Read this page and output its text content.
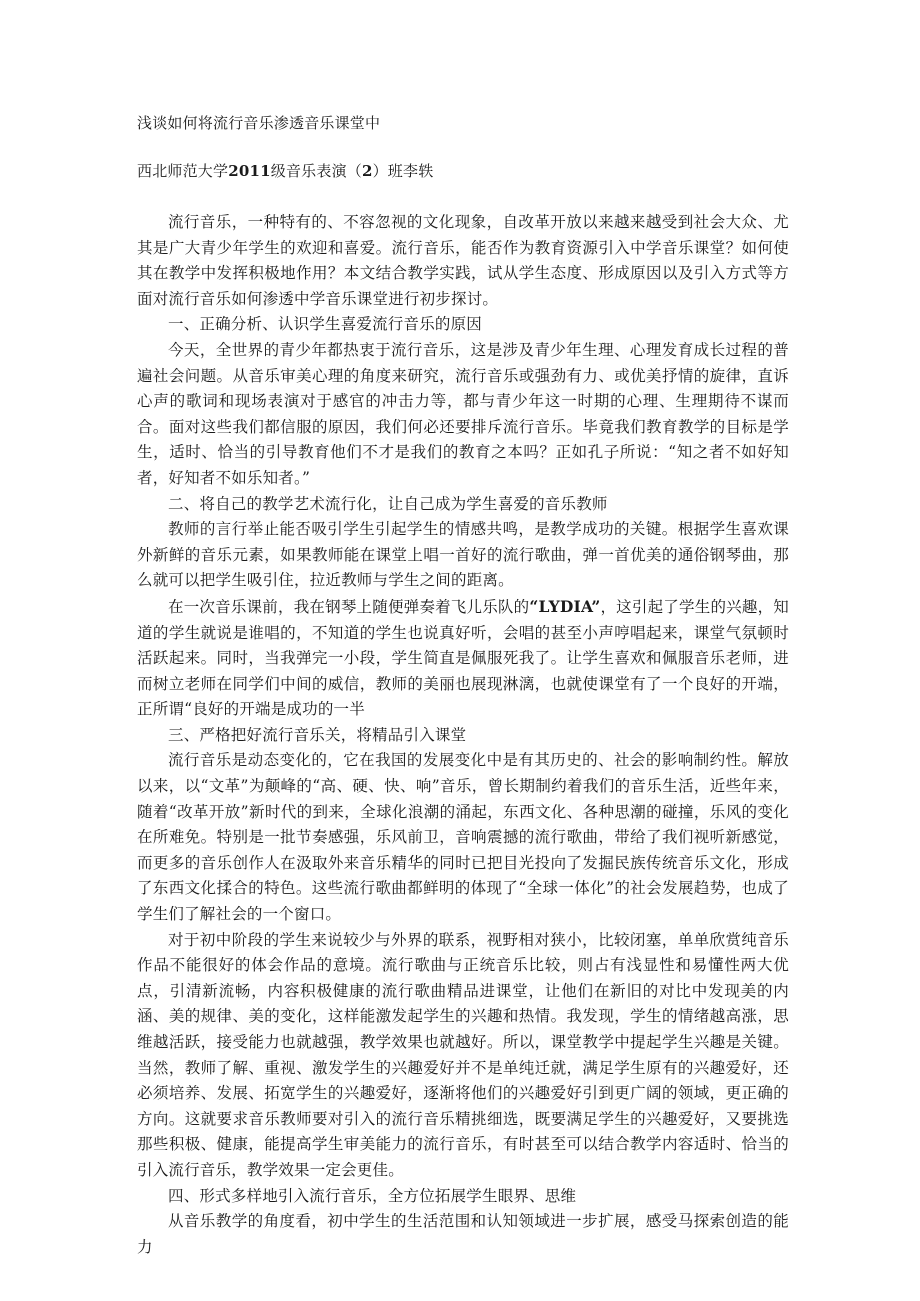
浅谈如何将流行音乐渗透音乐课堂中

西北师范大学2011级音乐表演（2）班李轶

流行音乐，一种特有的、不容忽视的文化现象，自改革开放以来越来越受到社会大众、尤其是广大青少年学生的欢迎和喜爱。流行音乐，能否作为教育资源引入中学音乐课堂？如何使其在教学中发挥积极地作用？本文结合教学实践，试从学生态度、形成原因以及引入方式等方面对流行音乐如何渗透中学音乐课堂进行初步探讨。

一、正确分析、认识学生喜爱流行音乐的原因

今天，全世界的青少年都热衷于流行音乐，这是涉及青少年生理、心理发育成长过程的普遍社会问题。从音乐审美心理的角度来研究，流行音乐或强劲有力、或优美抒情的旋律，直诉心声的歌词和现场表演对于感官的冲击力等，都与青少年这一时期的心理、生理期待不谋而合。面对这些我们都信服的原因，我们何必还要排斥流行音乐。毕竟我们教育教学的目标是学生，适时、恰当的引导教育他们不才是我们的教育之本吗？正如孔子所说：“知之者不如好知者，好知者不如乐知者。”

二、将自己的教学艺术流行化，让自己成为学生喜爱的音乐教师

教师的言行举止能否吸引学生引起学生的情感共鸣，是教学成功的关键。根据学生喜欢课外新鲜的音乐元素，如果教师能在课堂上唱一首好的流行歌曲，弹一首优美的通俗钢琴曲，那么就可以把学生吸引住，拉近教师与学生之间的距离。

在一次音乐课前，我在钢琴上随便弹奏着飞儿乐队的“LYDIA”，这引起了学生的兴趣，知道的学生就说是谁唱的，不知道的学生也说真好听，会唱的甚至小声哼唱起来，课堂气氛顿时活跃起来。同时，当我弹完一小段，学生简直是佩服死我了。让学生喜欢和佩服音乐老师，进而树立老师在同学们中间的威信，教师的美丽也展现淋漓，也就使课堂有了一个良好的开端，正所谓“良好的开端是成功的一半

三、严格把好流行音乐关，将精品引入课堂

流行音乐是动态变化的，它在我国的发展变化中是有其历史的、社会的影响制约性。解放以来，以“文革”为颠峰的“高、硬、快、响”音乐，曾长期制约着我们的音乐生活，近些年来，随着“改革开放”新时代的到来，全球化浪潮的涌起，东西文化、各种思潮的碰撞，乐风的变化在所难免。特别是一批节奏感强，乐风前卫，音响震撼的流行歌曲，带给了我们视听新感觉，而更多的音乐创作人在汲取外来音乐精华的同时已把目光投向了发掘民族传统音乐文化，形成了东西文化揉合的特色。这些流行歌曲都鲜明的体现了“全球一体化”的社会发展趋势，也成了学生们了解社会的一个窗口。

对于初中阶段的学生来说较少与外界的联系，视野相对狭小，比较闭塞，单单欣赏纯音乐作品不能很好的体会作品的意境。流行歌曲与正统音乐比较，则占有浅显性和易懂性两大优点，引清新流畅，内容积极健康的流行歌曲精品进课堂，让他们在新旧的对比中发现美的内涵、美的规律、美的变化，这样能激发起学生的兴趣和热情。我发现，学生的情绪越高涨，思维越活跃，接受能力也就越强，教学效果也就越好。所以，课堂教学中提起学生兴趣是关键。当然，教师了解、重视、激发学生的兴趣爱好并不是单纯迁就，满足学生原有的兴趣爱好，还必须培养、发展、拓宽学生的兴趣爱好，逐渐将他们的兴趣爱好引到更广阔的领域，更正确的方向。这就要求音乐教师要对引入的流行音乐精挑细选，既要满足学生的兴趣爱好，又要挑选那些积极、健康，能提高学生审美能力的流行音乐，有时甚至可以结合教学内容适时、恰当的引入流行音乐，教学效果一定会更佳。

四、形式多样地引入流行音乐，全方位拓展学生眼界、思维

从音乐教学的角度看，初中学生的生活范围和认知领域进一步扩展，感受马探索创造的能力
